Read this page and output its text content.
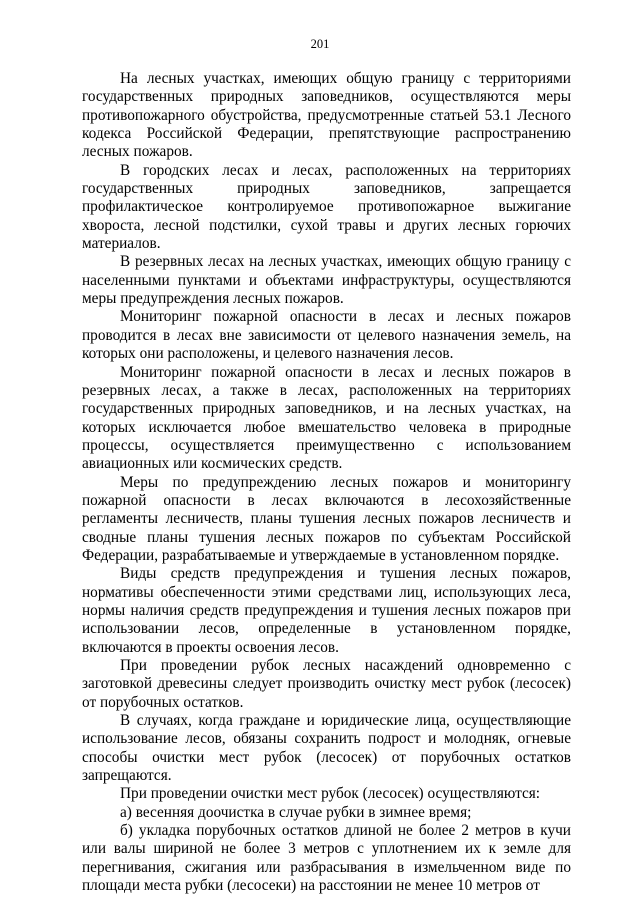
201

На лесных участках, имеющих общую границу с территориями государственных природных заповедников, осуществляются меры противопожарного обустройства, предусмотренные статьей 53.1 Лесного кодекса Российской Федерации, препятствующие распространению лесных пожаров.

В городских лесах и лесах, расположенных на территориях государственных природных заповедников, запрещается профилактическое контролируемое противопожарное выжигание хвороста, лесной подстилки, сухой травы и других лесных горючих материалов.

В резервных лесах на лесных участках, имеющих общую границу с населенными пунктами и объектами инфраструктуры, осуществляются меры предупреждения лесных пожаров.

Мониторинг пожарной опасности в лесах и лесных пожаров проводится в лесах вне зависимости от целевого назначения земель, на которых они расположены, и целевого назначения лесов.

Мониторинг пожарной опасности в лесах и лесных пожаров в резервных лесах, а также в лесах, расположенных на территориях государственных природных заповедников, и на лесных участках, на которых исключается любое вмешательство человека в природные процессы, осуществляется преимущественно с использованием авиационных или космических средств.

Меры по предупреждению лесных пожаров и мониторингу пожарной опасности в лесах включаются в лесохозяйственные регламенты лесничеств, планы тушения лесных пожаров лесничеств и сводные планы тушения лесных пожаров по субъектам Российской Федерации, разрабатываемые и утверждаемые в установленном порядке.

Виды средств предупреждения и тушения лесных пожаров, нормативы обеспеченности этими средствами лиц, использующих леса, нормы наличия средств предупреждения и тушения лесных пожаров при использовании лесов, определенные в установленном порядке, включаются в проекты освоения лесов.

При проведении рубок лесных насаждений одновременно с заготовкой древесины следует производить очистку мест рубок (лесосек) от порубочных остатков.

В случаях, когда граждане и юридические лица, осуществляющие использование лесов, обязаны сохранить подрост и молодняк, огневые способы очистки мест рубок (лесосек) от порубочных остатков запрещаются.

При проведении очистки мест рубок (лесосек) осуществляются:

а) весенняя доочистка в случае рубки в зимнее время;

б) укладка порубочных остатков длиной не более 2 метров в кучи или валы шириной не более 3 метров с уплотнением их к земле для перегнивания, сжигания или разбрасывания в измельченном виде по площади места рубки (лесосеки) на расстоянии не менее 10 метров от
